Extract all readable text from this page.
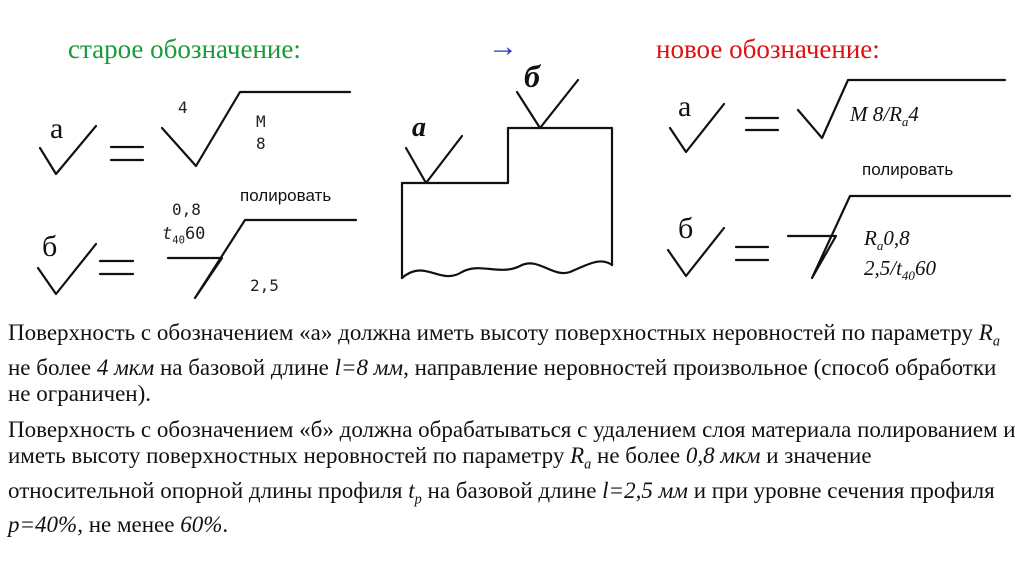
старое обозначение:	→	новое обозначение:
а
4
М
8
б
полировать
0,8
$t_{40}60$
2,5
а
б
а	М $8/R_a4$
полировать
б	$R_a0,8$
$2,5/t_{40}60$
Поверхность с обозначением «а» должна иметь высоту поверхностных неровностей по параметру $R_a$ не более 4 мкм на базовой длине l=8 мм, направление неровностей произвольное (способ обработки не ограничен).
Поверхность с обозначением «б» должна обрабатываться с удалением слоя материала полированием и иметь высоту поверхностных неровностей по параметру $R_a$ не более 0,8 мкм и значение относительной опорной длины профиля $t_p$ на базовой длине l=2,5 мм и при уровне сечения профиля р=40%, не менее 60%.
